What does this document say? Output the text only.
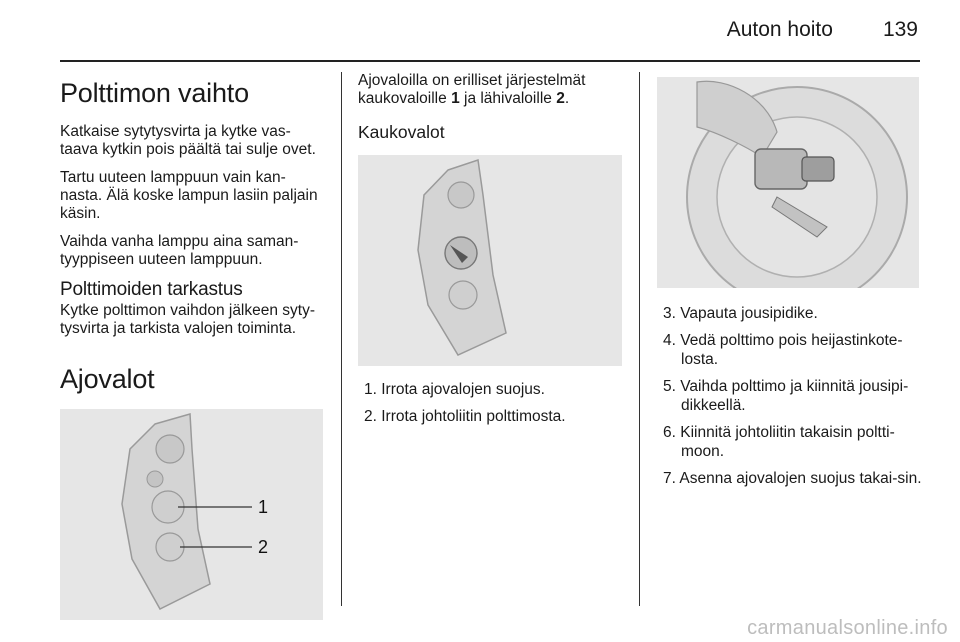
Auton hoito 139
Polttimon vaihto

Katkaise sytytysvirta ja kytke vas-taava kytkin pois päältä tai sulje ovet.

Tartu uuteen lamppuun vain kan-nasta. Älä koske lampun lasiin paljain käsin.

Vaihda vanha lamppu aina saman-tyyppiseen uuteen lamppuun.

Polttimoiden tarkastus

Kytke polttimon vaihdon jälkeen syty-tysvirta ja tarkista valojen toiminta.

Ajovalot
1
2

Ajovaloilla on erilliset järjestelmät kaukovaloille 1 ja lähivaloille 2.

Kaukovalot
1. Irrota ajovalojen suojus.
2. Irrota johtoliitin polttimosta.
3. Vapauta jousipidike.
4. Vedä polttimo pois heijastinkote-losta.
5. Vaihda polttimo ja kiinnitä jousipi-dikkeellä.
6. Kiinnitä johtoliitin takaisin poltti-moon.
7. Asenna ajovalojen suojus takai-sin.
carmanualsonline.info
